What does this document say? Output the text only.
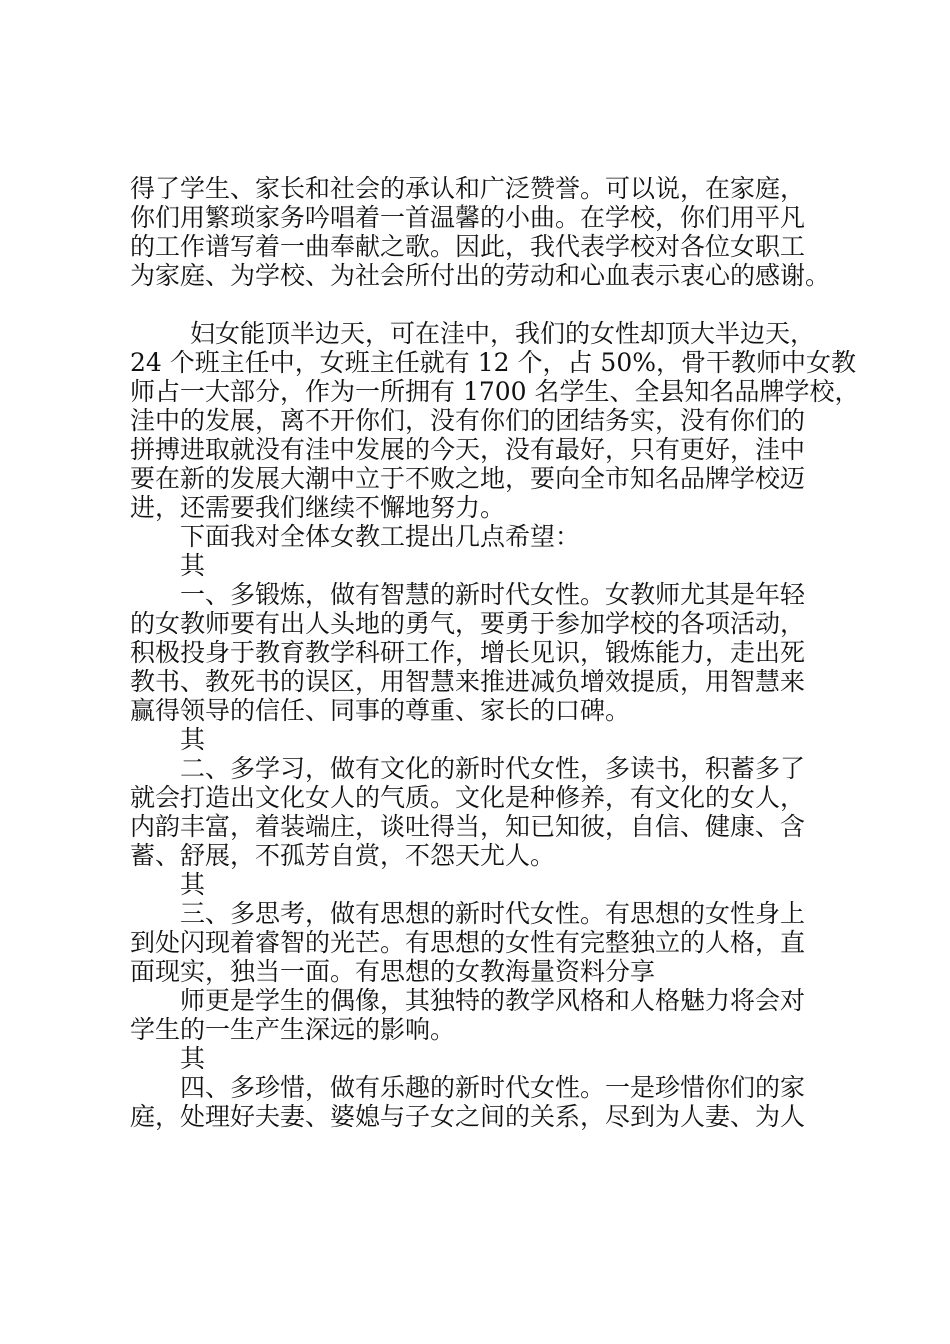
得了学生、家长和社会的承认和广泛赞誉。可以说，在家庭，
你们用繁琐家务吟唱着一首温馨的小曲。在学校，你们用平凡
的工作谱写着一曲奉献之歌。因此，我代表学校对各位女职工
为家庭、为学校、为社会所付出的劳动和心血表示衷心的感谢。
妇女能顶半边天，可在洼中，我们的女性却顶大半边天，
24 个班主任中，女班主任就有 12 个，占 50%，骨干教师中女教
师占一大部分，作为一所拥有 1700 名学生、全县知名品牌学校，
洼中的发展，离不开你们，没有你们的团结务实，没有你们的
拼搏进取就没有洼中发展的今天，没有最好，只有更好，洼中
要在新的发展大潮中立于不败之地，要向全市知名品牌学校迈
进，还需要我们继续不懈地努力。
下面我对全体女教工提出几点希望：
其
一、多锻炼，做有智慧的新时代女性。女教师尤其是年轻
的女教师要有出人头地的勇气，要勇于参加学校的各项活动，
积极投身于教育教学科研工作，增长见识，锻炼能力，走出死
教书、教死书的误区，用智慧来推进减负增效提质，用智慧来
赢得领导的信任、同事的尊重、家长的口碑。
其
二、多学习，做有文化的新时代女性，多读书，积蓄多了
就会打造出文化女人的气质。文化是种修养，有文化的女人，
内韵丰富，着装端庄，谈吐得当，知已知彼，自信、健康、含
蓄、舒展，不孤芳自赏，不怨天尤人。
其
三、多思考，做有思想的新时代女性。有思想的女性身上
到处闪现着睿智的光芒。有思想的女性有完整独立的人格，直
面现实，独当一面。有思想的女教海量资料分享
师更是学生的偶像，其独特的教学风格和人格魅力将会对
学生的一生产生深远的影响。
其
四、多珍惜，做有乐趣的新时代女性。一是珍惜你们的家
庭，处理好夫妻、婆媳与子女之间的关系，尽到为人妻、为人
